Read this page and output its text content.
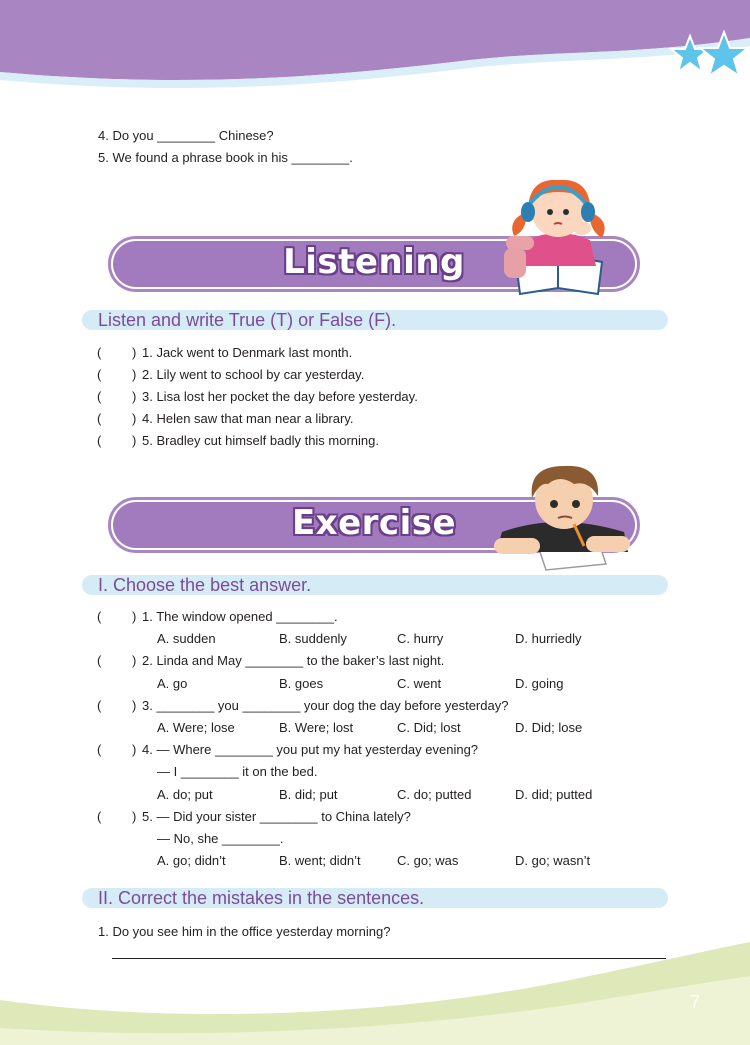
4. Do you ________ Chinese?
5. We found a phrase book in his ________.
Listening
Listen and write True (T) or False (F).
( ) 1. Jack went to Denmark last month.
( ) 2. Lily went to school by car yesterday.
( ) 3. Lisa lost her pocket the day before yesterday.
( ) 4. Helen saw that man near a library.
( ) 5. Bradley cut himself badly this morning.
Exercise
I. Choose the best answer.
( ) 1. The window opened ________.
A. sudden	B. suddenly	C. hurry	D. hurriedly
( ) 2. Linda and May ________ to the baker’s last night.
A. go	B. goes	C. went	D. going
( ) 3. ________ you ________ your dog the day before yesterday?
A. Were; lose	B. Were; lost	C. Did; lost	D. Did; lose
( ) 4. — Where ________ you put my hat yesterday evening?
— I ________ it on the bed.
A. do; put	B. did; put	C. do; putted	D. did; putted
( ) 5. — Did your sister ________ to China lately?
— No, she ________.
A. go; didn’t	B. went; didn’t	C. go; was	D. go; wasn’t
II. Correct the mistakes in the sentences.
1. Do you see him in the office yesterday morning?
7
